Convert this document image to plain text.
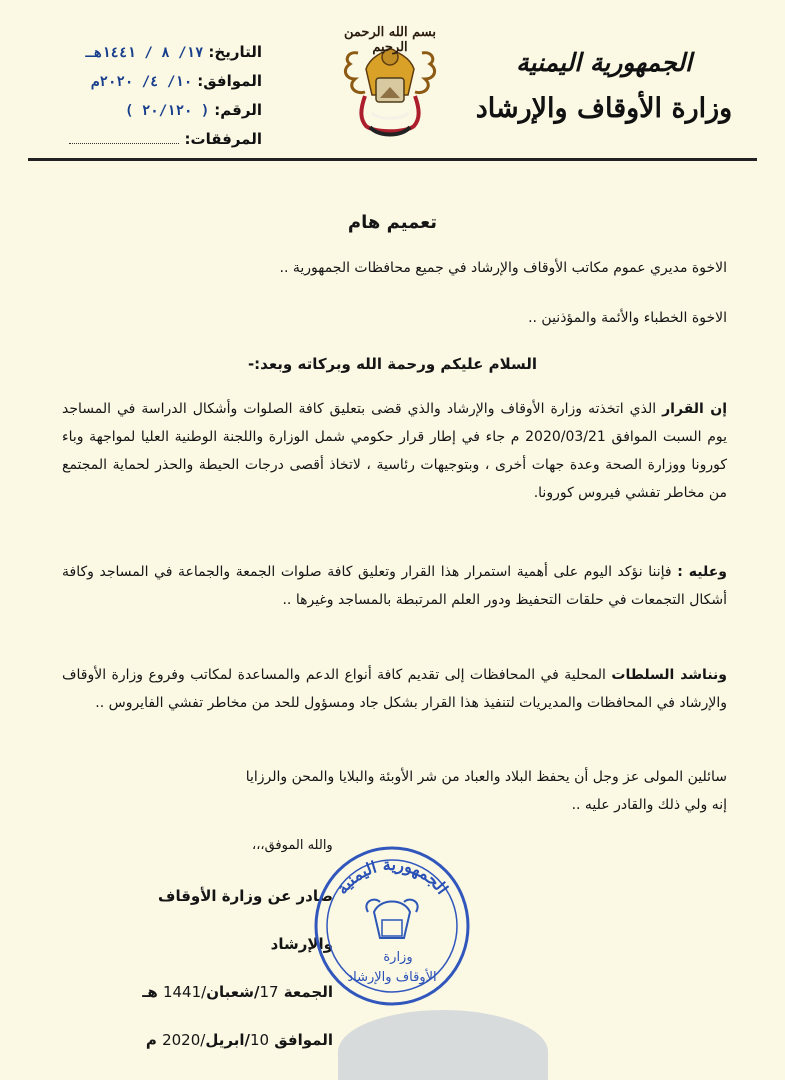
الجمهورية اليمنية
وزارة الأوقاف والإرشاد
بسم الله الرحمن الرحيم
التاريخ:١٧/ ٨ / ١٤٤١هـ
الموافق:١٠/ ٤/ ٢٠٢٠م
الرقم:( ٢٠/١٢٠ )
المرفقات:
تعميم هام
الاخوة مديري عموم مكاتب الأوقاف والإرشاد في جميع محافظات الجمهورية ..
الاخوة الخطباء والأئمة والمؤذنين ..
السلام عليكم ورحمة الله وبركاته وبعد:-
إن القرار الذي اتخذته وزارة الأوقاف والإرشاد والذي قضى بتعليق كافة الصلوات وأشكال الدراسة في المساجد يوم السبت الموافق 2020/03/21 م جاء في إطار قرار حكومي شمل الوزارة واللجنة الوطنية العليا لمواجهة وباء كورونا ووزارة الصحة وعدة جهات أخرى ، وبتوجيهات رئاسية ، لاتخاذ أقصى درجات الحيطة والحذر لحماية المجتمع من مخاطر تفشي فيروس كورونا.
وعليه : فإننا نؤكد اليوم على أهمية استمرار هذا القرار وتعليق كافة صلوات الجمعة والجماعة في المساجد وكافة أشكال التجمعات في حلقات التحفيظ ودور العلم المرتبطة بالمساجد وغيرها ..
ونناشد السلطات المحلية في المحافظات إلى تقديم كافة أنواع الدعم والمساعدة لمكاتب وفروع وزارة الأوقاف والإرشاد في المحافظات والمديريات لتنفيذ هذا القرار بشكل جاد ومسؤول للحد من مخاطر تفشي الفايروس ..
سائلين المولى عز وجل أن يحفظ البلاد والعباد من شر الأوبئة والبلايا والمحن والرزايا
إنه ولي ذلك والقادر عليه ..
والله الموفق،،،
صادر عن وزارة الأوقاف والإرشاد
الجمعة 17/شعبان/1441 هـ
الموافق 10/ابريل/2020 م
الجمهورية اليمنية
وزارة
الأوقاف والإرشاد
